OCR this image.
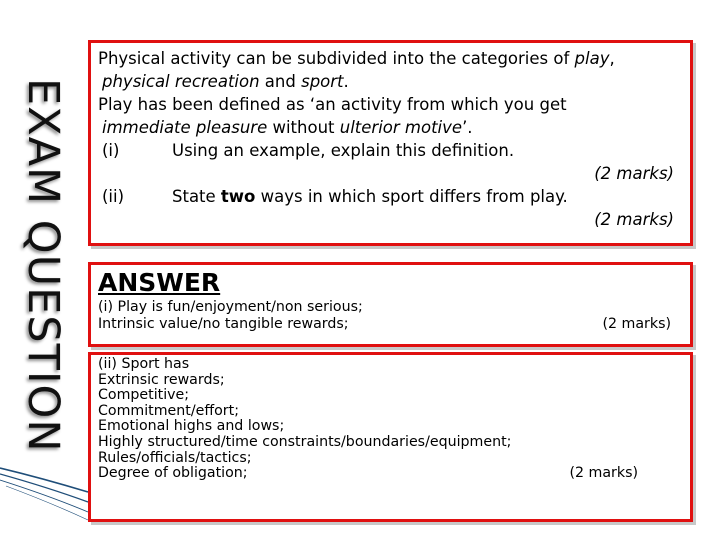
EXAM QUESTION
Physical activity can be subdivided into the categories of play,
physical recreation and sport.
Play has been defined as ‘an activity from which you get
immediate pleasure without ulterior motive’.
(i)	Using an example, explain this definition.
(2 marks)
(ii)	State two ways in which sport differs from play.
(2 marks)
ANSWER
(i) Play is fun/enjoyment/non serious;
Intrinsic value/no tangible rewards;	(2 marks)
(ii) Sport has
Extrinsic rewards;
Competitive;
Commitment/effort;
Emotional highs and lows;
Highly structured/time constraints/boundaries/equipment;
Rules/officials/tactics;
Degree of obligation;	(2 marks)
